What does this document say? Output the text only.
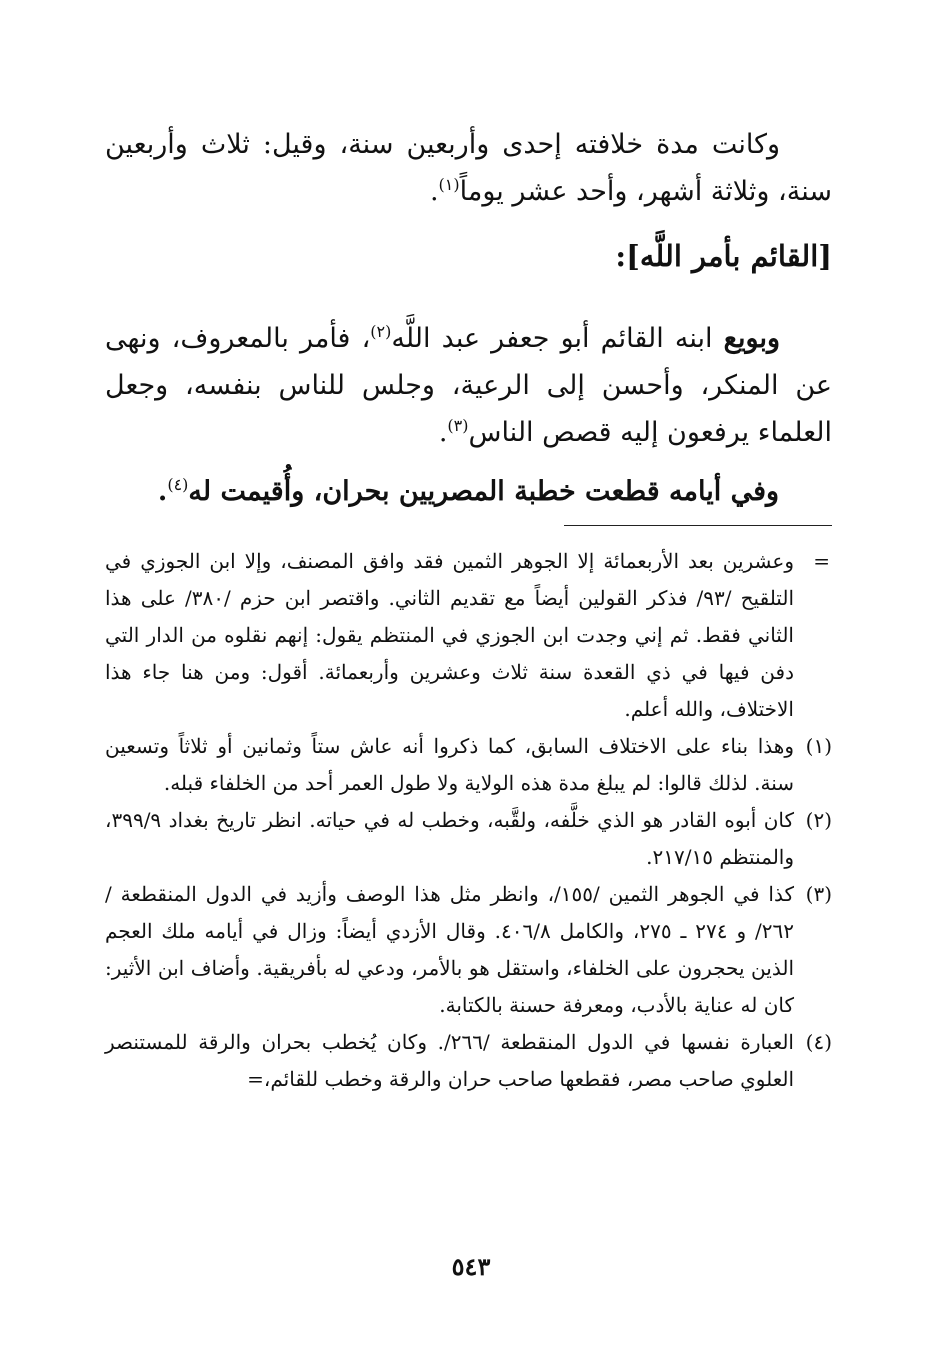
وكانت مدة خلافته إحدى وأربعين سنة، وقيل: ثلاث وأربعين سنة، وثلاثة أشهر، وأحد عشر يوماً$^{(١)}$.

[القائم بأمر اللَّه]:

وبويع ابنه القائم أبو جعفر عبد اللَّه$^{(٢)}$، فأمر بالمعروف، ونهى عن المنكر، وأحسن إلى الرعية، وجلس للناس بنفسه، وجعل العلماء يرفعون إليه قصص الناس$^{(٣)}$.

وفي أيامه قطعت خطبة المصريين بحران، وأُقيمت له$^{(٤)}$.

=
وعشرين بعد الأربعمائة إلا الجوهر الثمين فقد وافق المصنف، وإلا ابن الجوزي في التلقيح /٩٣/ فذكر القولين أيضاً مع تقديم الثاني. واقتصر ابن حزم /٣٨٠/ على هذا الثاني فقط. ثم إني وجدت ابن الجوزي في المنتظم يقول: إنهم نقلوه من الدار التي دفن فيها في ذي القعدة سنة ثلاث وعشرين وأربعمائة. أقول: ومن هنا جاء هذا الاختلاف، والله أعلم.

(١)
وهذا بناء على الاختلاف السابق، كما ذكروا أنه عاش ستاً وثمانين أو ثلاثاً وتسعين سنة. لذلك قالوا: لم يبلغ مدة هذه الولاية ولا طول العمر أحد من الخلفاء قبله.

(٢)
كان أبوه القادر هو الذي خلَّفه، ولقَّبه، وخطب له في حياته. انظر تاريخ بغداد ٣٩٩/٩، والمنتظم ٢١٧/١٥.

(٣)
كذا في الجوهر الثمين /١٥٥/، وانظر مثل هذا الوصف وأزيد في الدول المنقطعة /٢٦٢/ و ٢٧٤ ـ ٢٧٥، والكامل ٤٠٦/٨. وقال الأزدي أيضاً: وزال في أيامه ملك العجم الذين يحجرون على الخلفاء، واستقل هو بالأمر، ودعي له بأفريقية. وأضاف ابن الأثير: كان له عناية بالأدب، ومعرفة حسنة بالكتابة.

(٤)
العبارة نفسها في الدول المنقطعة /٢٦٦/. وكان يُخطب بحران والرقة للمستنصر العلوي صاحب مصر، فقطعها صاحب حران والرقة وخطب للقائم،=

٥٤٣
